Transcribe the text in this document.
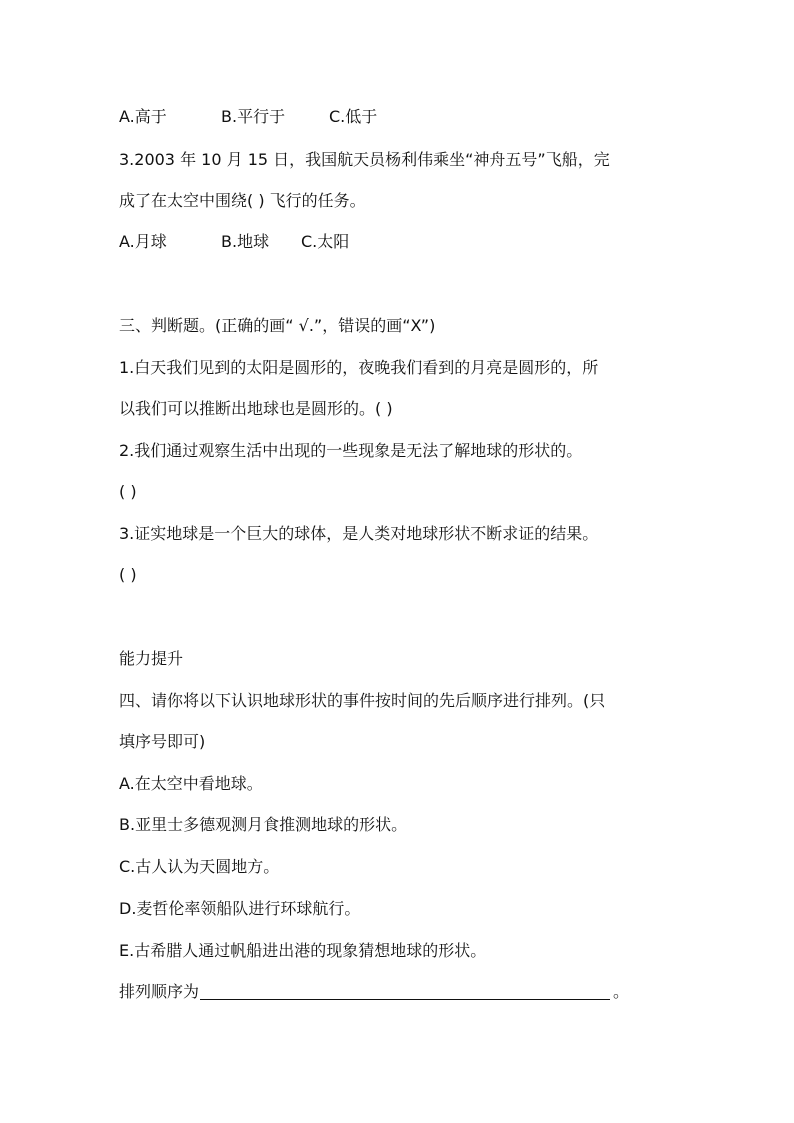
A.高于	B.平行于	C.低于
3.2003 年 10 月 15 日，我国航天员杨利伟乘坐“神舟五号”飞船，完
成了在太空中围绕( ) 飞行的任务。
A.月球	B.地球 C.太阳
三、判断题。(正确的画“ √.”，错误的画“X”)
1.白天我们见到的太阳是圆形的，夜晚我们看到的月亮是圆形的，所
以我们可以推断出地球也是圆形的。( )
2.我们通过观察生活中出现的一些现象是无法了解地球的形状的。
( )
3.证实地球是一个巨大的球体，是人类对地球形状不断求证的结果。
( )
能力提升
四、请你将以下认识地球形状的事件按时间的先后顺序进行排列。(只
填序号即可)
A.在太空中看地球。
B.亚里士多德观测月食推测地球的形状。
C.古人认为天圆地方。
D.麦哲伦率领船队进行环球航行。
E.古希腊人通过帆船进出港的现象猜想地球的形状。
排列顺序为	。
